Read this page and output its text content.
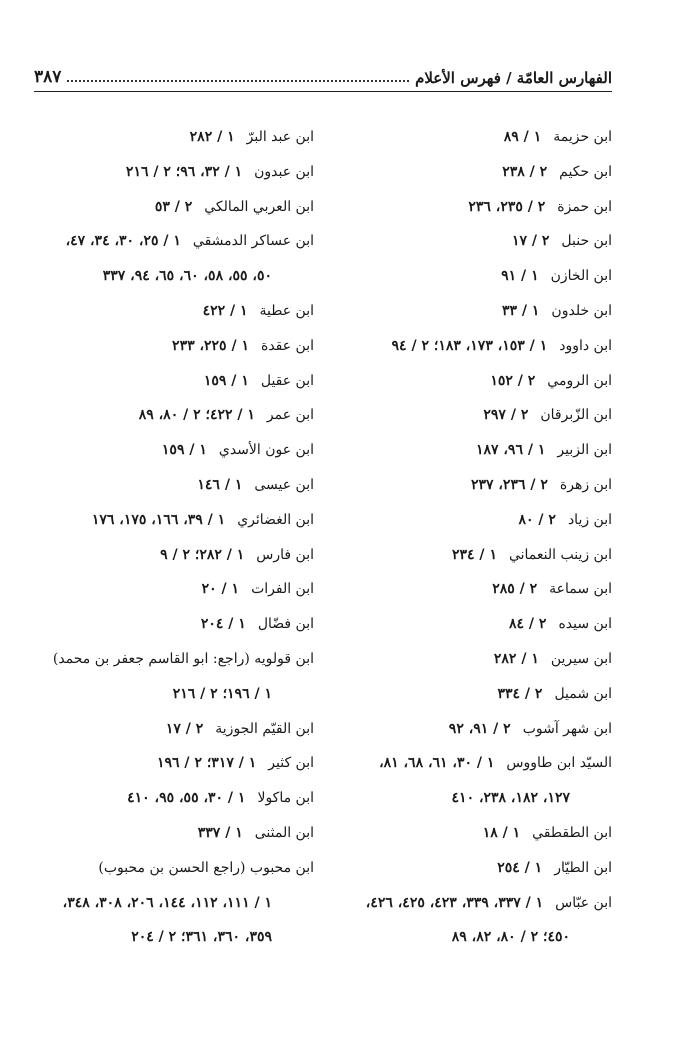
الفهارس العامّة / فهرس الأعلام
٣٨٧
ابن حزيمة١ / ٨٩
ابن حكيم٢ / ٢٣٨
ابن حمزة٢ / ٢٣٥، ٢٣٦
ابن حنبل٢ / ١٧
ابن الخازن١ / ٩١
ابن خلدون١ / ٣٣
ابن داوود١ / ١٥٣، ١٧٣، ١٨٣؛ ٢ / ٩٤
ابن الرومي٢ / ١٥٢
ابن الزّبرقان٢ / ٢٩٧
ابن الزبير١ / ٩٦، ١٨٧
ابن زهرة٢ / ٢٣٦، ٢٣٧
ابن زياد٢ / ٨٠
ابن زينب النعماني١ / ٢٣٤
ابن سماعة٢ / ٢٨٥
ابن سيده٢ / ٨٤
ابن سيرين١ / ٢٨٢
ابن شميل٢ / ٣٣٤
ابن شهر آشوب٢ / ٩١، ٩٢
السيّد ابن طاووس١ / ٣٠، ٦١، ٦٨، ٨١،
١٢٧، ١٨٢، ٢٣٨، ٤١٠
ابن الطقطقي١ / ١٨
ابن الطيّار١ / ٢٥٤
ابن عبّاس١ / ٣٣٧، ٣٣٩، ٤٢٣، ٤٢٥، ٤٢٦،
٤٥٠؛ ٢ / ٨٠، ٨٢، ٨٩
ابن عبد البرّ١ / ٢٨٢
ابن عبدون١ / ٣٢، ٩٦؛ ٢ / ٢١٦
ابن العربي المالكي٢ / ٥٣
ابن عساكر الدمشقي١ / ٢٥، ٣٠، ٣٤، ٤٧،
٥٠، ٥٥، ٥٨، ٦٠، ٦٥، ٩٤، ٣٣٧
ابن عطية١ / ٤٢٢
ابن عقدة١ / ٢٢٥، ٢٣٣
ابن عقيل١ / ١٥٩
ابن عمر١ / ٤٢٢؛ ٢ / ٨٠، ٨٩
ابن عون الأسدي١ / ١٥٩
ابن عيسى١ / ١٤٦
ابن الغضائري١ / ٣٩، ١٦٦، ١٧٥، ١٧٦
ابن فارس١ / ٢٨٢؛ ٢ / ٩
ابن الفرات١ / ٢٠
ابن فضّال١ / ٢٠٤
ابن قولويه (راجع: ابو القاسم جعفر بن محمد)
١ / ١٩٦؛ ٢ / ٢١٦
ابن القيّم الجوزية٢ / ١٧
ابن كثير١ / ٣١٧؛ ٢ / ١٩٦
ابن ماكولا١ / ٣٠، ٥٥، ٩٥، ٤١٠
ابن المثنى١ / ٣٣٧
ابن محبوب (راجع الحسن بن محبوب)
١ / ١١١، ١١٢، ١٤٤، ٢٠٦، ٣٠٨، ٣٤٨،
٣٥٩، ٣٦٠، ٣٦١؛ ٢ / ٢٠٤
